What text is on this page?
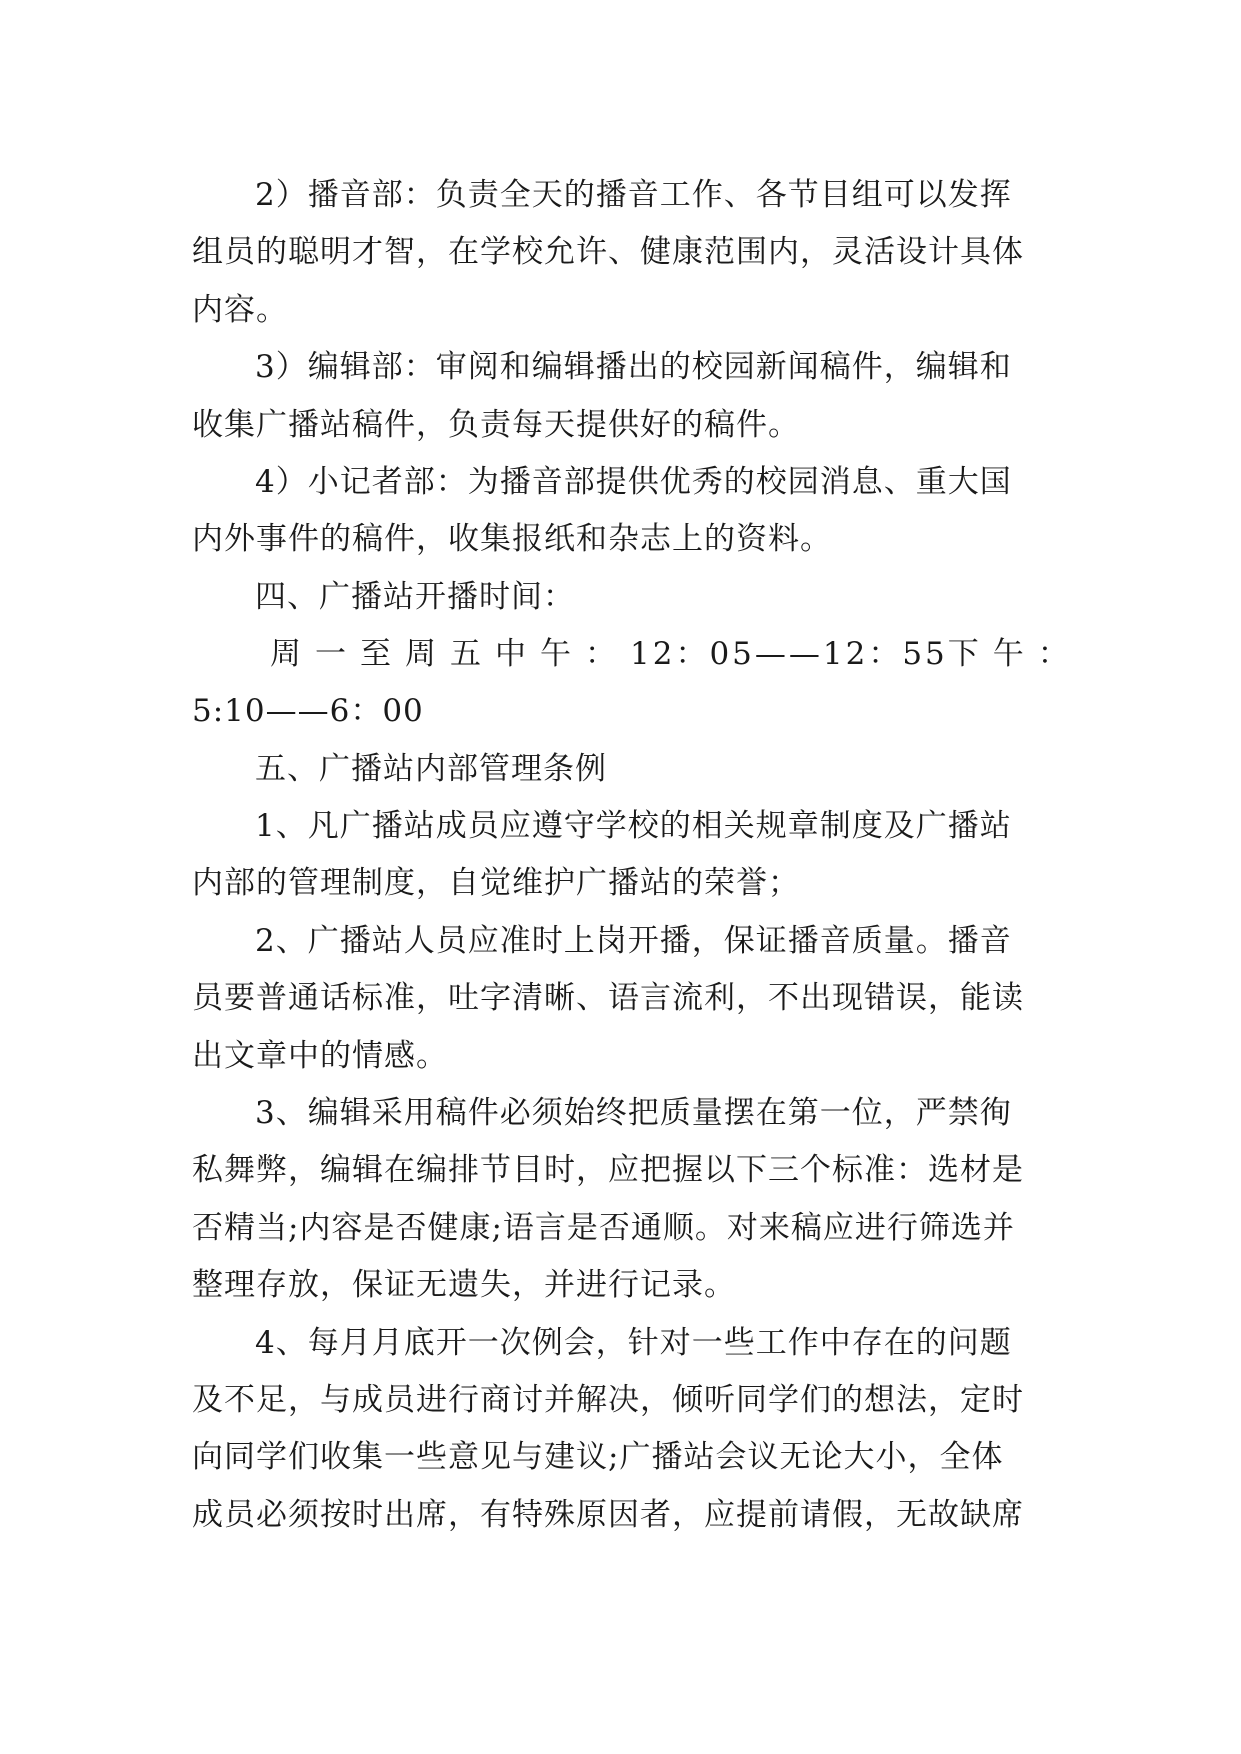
2）播音部：负责全天的播音工作、各节目组可以发挥
组员的聪明才智，在学校允许、健康范围内，灵活设计具体
内容。
3）编辑部：审阅和编辑播出的校园新闻稿件，编辑和
收集广播站稿件，负责每天提供好的稿件。
4）小记者部：为播音部提供优秀的校园消息、重大国
内外事件的稿件，收集报纸和杂志上的资料。
四、广播站开播时间：
周一至周五 中午： 12：05——12：55 下午：
5:10——6：00
五、广播站内部管理条例
1、凡广播站成员应遵守学校的相关规章制度及广播站
内部的管理制度，自觉维护广播站的荣誉；
2、广播站人员应准时上岗开播，保证播音质量。播音
员要普通话标准，吐字清晰、语言流利，不出现错误，能读
出文章中的情感。
3、编辑采用稿件必须始终把质量摆在第一位，严禁徇
私舞弊，编辑在编排节目时，应把握以下三个标准：选材是
否精当;内容是否健康;语言是否通顺。对来稿应进行筛选并
整理存放，保证无遗失，并进行记录。
4、每月月底开一次例会，针对一些工作中存在的问题
及不足，与成员进行商讨并解决，倾听同学们的想法，定时
向同学们收集一些意见与建议;广播站会议无论大小，全体
成员必须按时出席，有特殊原因者，应提前请假，无故缺席
